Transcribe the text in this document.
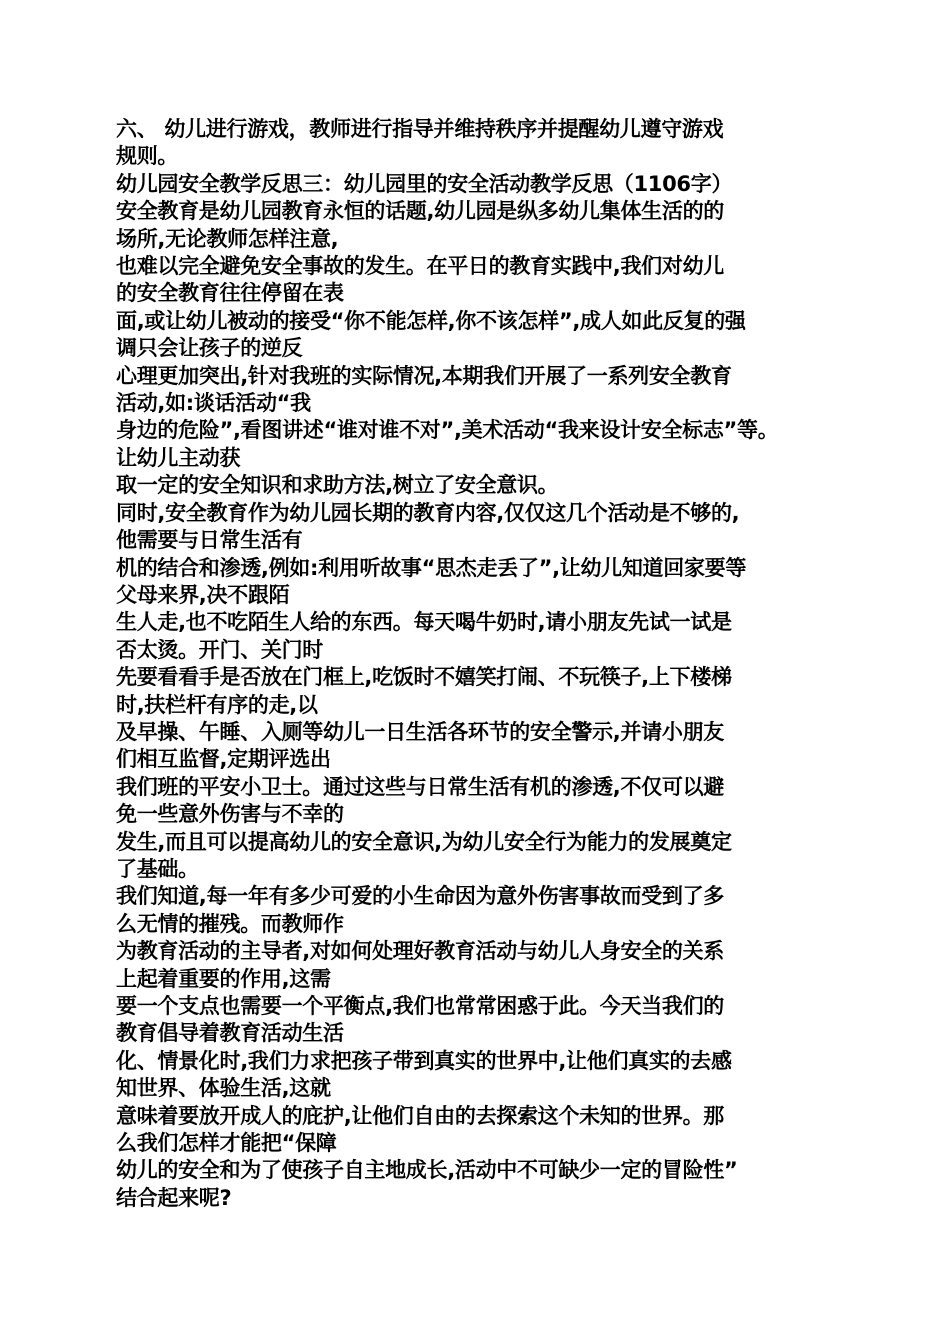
六、 幼儿进行游戏，教师进行指导并维持秩序并提醒幼儿遵守游戏

规则。

幼儿园安全教学反思三：幼儿园里的安全活动教学反思（1106字）

安全教育是幼儿园教育永恒的话题,幼儿园是纵多幼儿集体生活的的

场所,无论教师怎样注意,

也难以完全避免安全事故的发生。在平日的教育实践中,我们对幼儿

的安全教育往往停留在表

面,或让幼儿被动的接受“你不能怎样,你不该怎样”,成人如此反复的强

调只会让孩子的逆反

心理更加突出,针对我班的实际情况,本期我们开展了一系列安全教育

活动,如:谈话活动“我

身边的危险”,看图讲述“谁对谁不对”,美术活动“我来设计安全标志”等。

让幼儿主动获

取一定的安全知识和求助方法,树立了安全意识。

同时,安全教育作为幼儿园长期的教育内容,仅仅这几个活动是不够的,

他需要与日常生活有

机的结合和渗透,例如:利用听故事“思杰走丢了”,让幼儿知道回家要等

父母来界,决不跟陌

生人走,也不吃陌生人给的东西。每天喝牛奶时,请小朋友先试一试是

否太烫。开门、关门时

先要看看手是否放在门框上,吃饭时不嬉笑打闹、不玩筷子,上下楼梯

时,扶栏杆有序的走,以

及早操、午睡、入厕等幼儿一日生活各环节的安全警示,并请小朋友

们相互监督,定期评选出

我们班的平安小卫士。通过这些与日常生活有机的渗透,不仅可以避

免一些意外伤害与不幸的

发生,而且可以提高幼儿的安全意识,为幼儿安全行为能力的发展奠定

了基础。

我们知道,每一年有多少可爱的小生命因为意外伤害事故而受到了多

么无情的摧残。而教师作

为教育活动的主导者,对如何处理好教育活动与幼儿人身安全的关系

上起着重要的作用,这需

要一个支点也需要一个平衡点,我们也常常困惑于此。今天当我们的

教育倡导着教育活动生活

化、情景化时,我们力求把孩子带到真实的世界中,让他们真实的去感

知世界、体验生活,这就

意味着要放开成人的庇护,让他们自由的去探索这个未知的世界。那

么我们怎样才能把“保障

幼儿的安全和为了使孩子自主地成长,活动中不可缺少一定的冒险性”

结合起来呢?
